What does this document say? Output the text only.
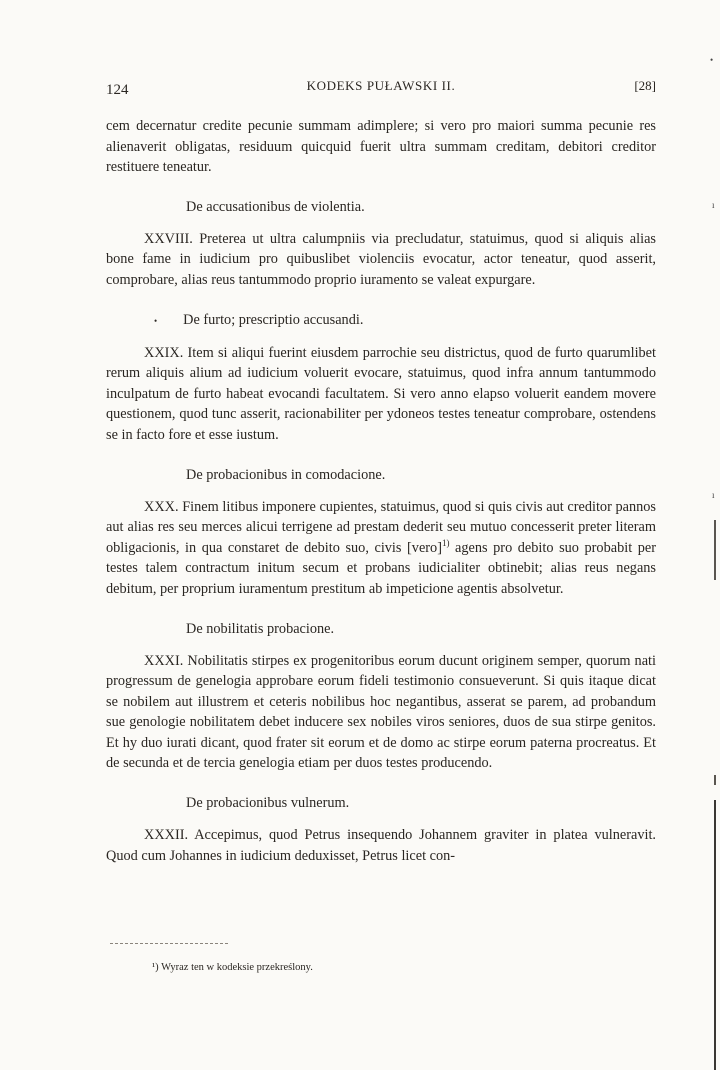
124	KODEKS PUŁAWSKI II.	[28]

cem decernatur credite pecunie summam adimplere; si vero pro maiori summa pecunie res alienaverit obligatas, residuum quicquid fuerit ultra summam creditam, debitori creditor restituere teneatur.

De accusationibus de violentia.

XXVIII. Preterea ut ultra calumpniis via precludatur, statuimus, quod si aliquis alias bone fame in iudicium pro quibuslibet violenciis evocatur, actor teneatur, quod asserit, comprobare, alias reus tantummodo proprio iuramento se valeat expurgare.

• De furto; prescriptio accusandi.

XXIX. Item si aliqui fuerint eiusdem parrochie seu districtus, quod de furto quarumlibet rerum aliquis alium ad iudicium voluerit evocare, statuimus, quod infra annum tantummodo inculpatum de furto habeat evocandi facultatem. Si vero anno elapso voluerit eandem movere questionem, quod tunc asserit, racionabiliter per ydoneos testes teneatur comprobare, ostendens se in facto fore et esse iustum.

De probacionibus in comodacione.

XXX. Finem litibus imponere cupientes, statuimus, quod si quis civis aut creditor pannos aut alias res seu merces alicui terrigene ad prestam dederit seu mutuo concesserit preter literam obligacionis, in qua constaret de debito suo, civis [vero]$^{1)}$ agens pro debito suo probabit per testes talem contractum initum secum et probans iudicialiter obtinebit; alias reus negans debitum, per proprium iuramentum prestitum ab impeticione agentis absolvetur.

De nobilitatis probacione.

XXXI. Nobilitatis stirpes ex progenitoribus eorum ducunt originem semper, quorum nati progressum de genelogia approbare eorum fideli testimonio consueverunt. Si quis itaque dicat se nobilem aut illustrem et ceteris nobilibus hoc negantibus, asserat se parem, ad probandum sue genologie nobilitatem debet inducere sex nobiles viros seniores, duos de sua stirpe genitos. Et hy duo iurati dicant, quod frater sit eorum et de domo ac stirpe eorum paterna procreatus. Et de secunda et de tercia genelogia etiam per duos testes producendo.

De probacionibus vulnerum.

XXXII. Accepimus, quod Petrus insequendo Johannem graviter in platea vulneravit. Quod cum Johannes in iudicium deduxisset, Petrus licet con-

¹) Wyraz ten w kodeksie przekreślony.
•
ı
ı
